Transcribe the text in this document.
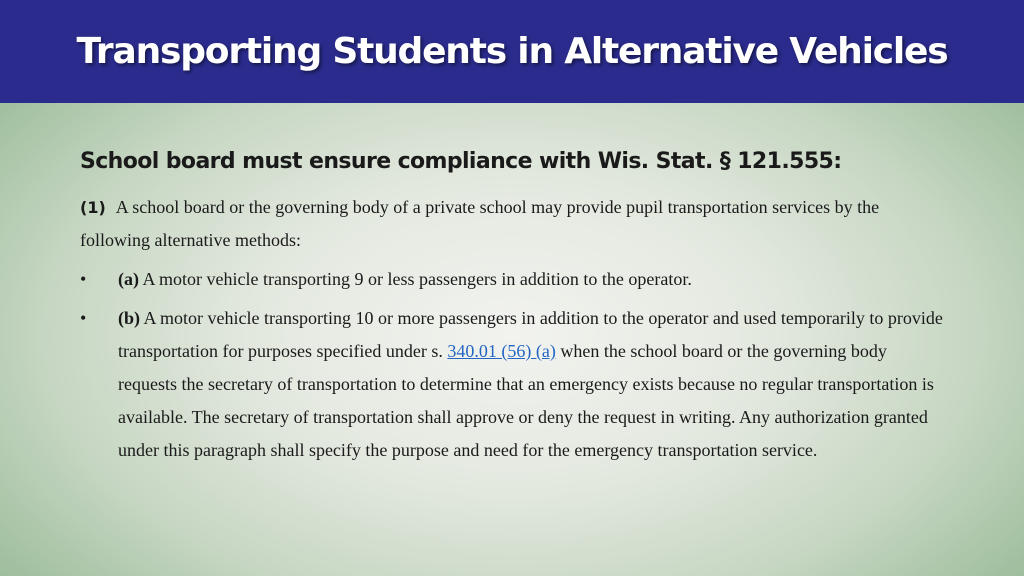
Transporting Students in Alternative Vehicles
School board must ensure compliance with Wis. Stat. § 121.555:
(1) A school board or the governing body of a private school may provide pupil transportation services by the following alternative methods:
• (a) A motor vehicle transporting 9 or less passengers in addition to the operator.
• (b) A motor vehicle transporting 10 or more passengers in addition to the operator and used temporarily to provide transportation for purposes specified under s. 340.01 (56) (a) when the school board or the governing body requests the secretary of transportation to determine that an emergency exists because no regular transportation is available. The secretary of transportation shall approve or deny the request in writing. Any authorization granted under this paragraph shall specify the purpose and need for the emergency transportation service.
